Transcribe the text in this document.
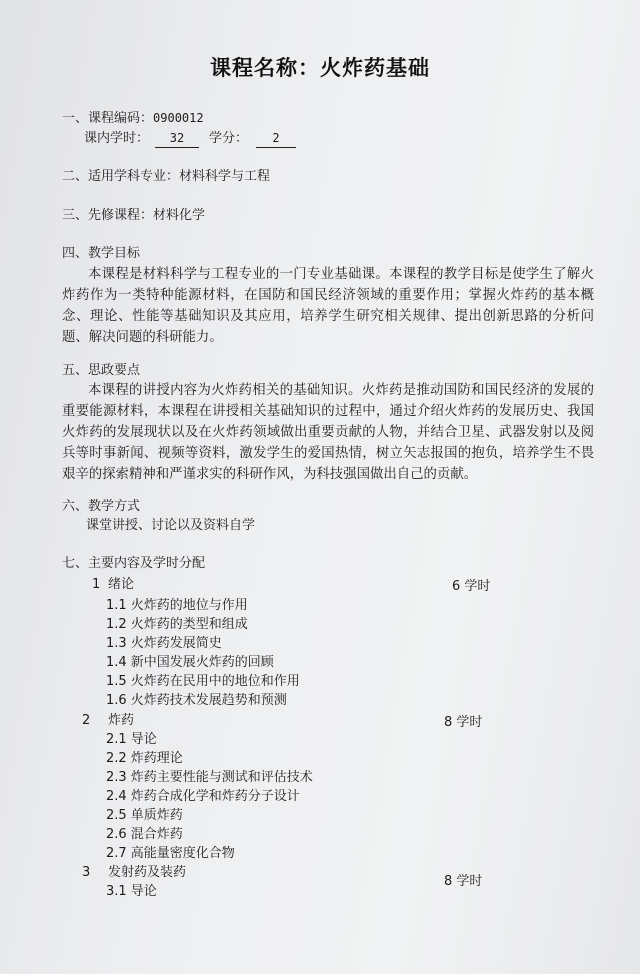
课程名称：火炸药基础
一、课程编码：0900012
课内学时： 32 学分： 2
二、适用学科专业：材料科学与工程
三、先修课程：材料化学
四、教学目标
本课程是材料科学与工程专业的一门专业基础课。本课程的教学目标是使学生了解火炸药作为一类特种能源材料，在国防和国民经济领域的重要作用；掌握火炸药的基本概念、理论、性能等基础知识及其应用，培养学生研究相关规律、提出创新思路的分析问题、解决问题的科研能力。
五、思政要点
本课程的讲授内容为火炸药相关的基础知识。火炸药是推动国防和国民经济的发展的重要能源材料，本课程在讲授相关基础知识的过程中，通过介绍火炸药的发展历史、我国火炸药的发展现状以及在火炸药领域做出重要贡献的人物，并结合卫星、武器发射以及阅兵等时事新闻、视频等资料，激发学生的爱国热情，树立矢志报国的抱负，培养学生不畏艰辛的探索精神和严谨求实的科研作风，为科技强国做出自己的贡献。
六、教学方式
课堂讲授、讨论以及资料自学
七、主要内容及学时分配
1 绪论	6 学时
1.1 火炸药的地位与作用
1.2 火炸药的类型和组成
1.3 火炸药发展简史
1.4 新中国发展火炸药的回顾
1.5 火炸药在民用中的地位和作用
1.6 火炸药技术发展趋势和预测
2 炸药	8 学时
2.1 导论
2.2 炸药理论
2.3 炸药主要性能与测试和评估技术
2.4 炸药合成化学和炸药分子设计
2.5 单质炸药
2.6 混合炸药
2.7 高能量密度化合物
3 发射药及装药
8 学时
3.1 导论
